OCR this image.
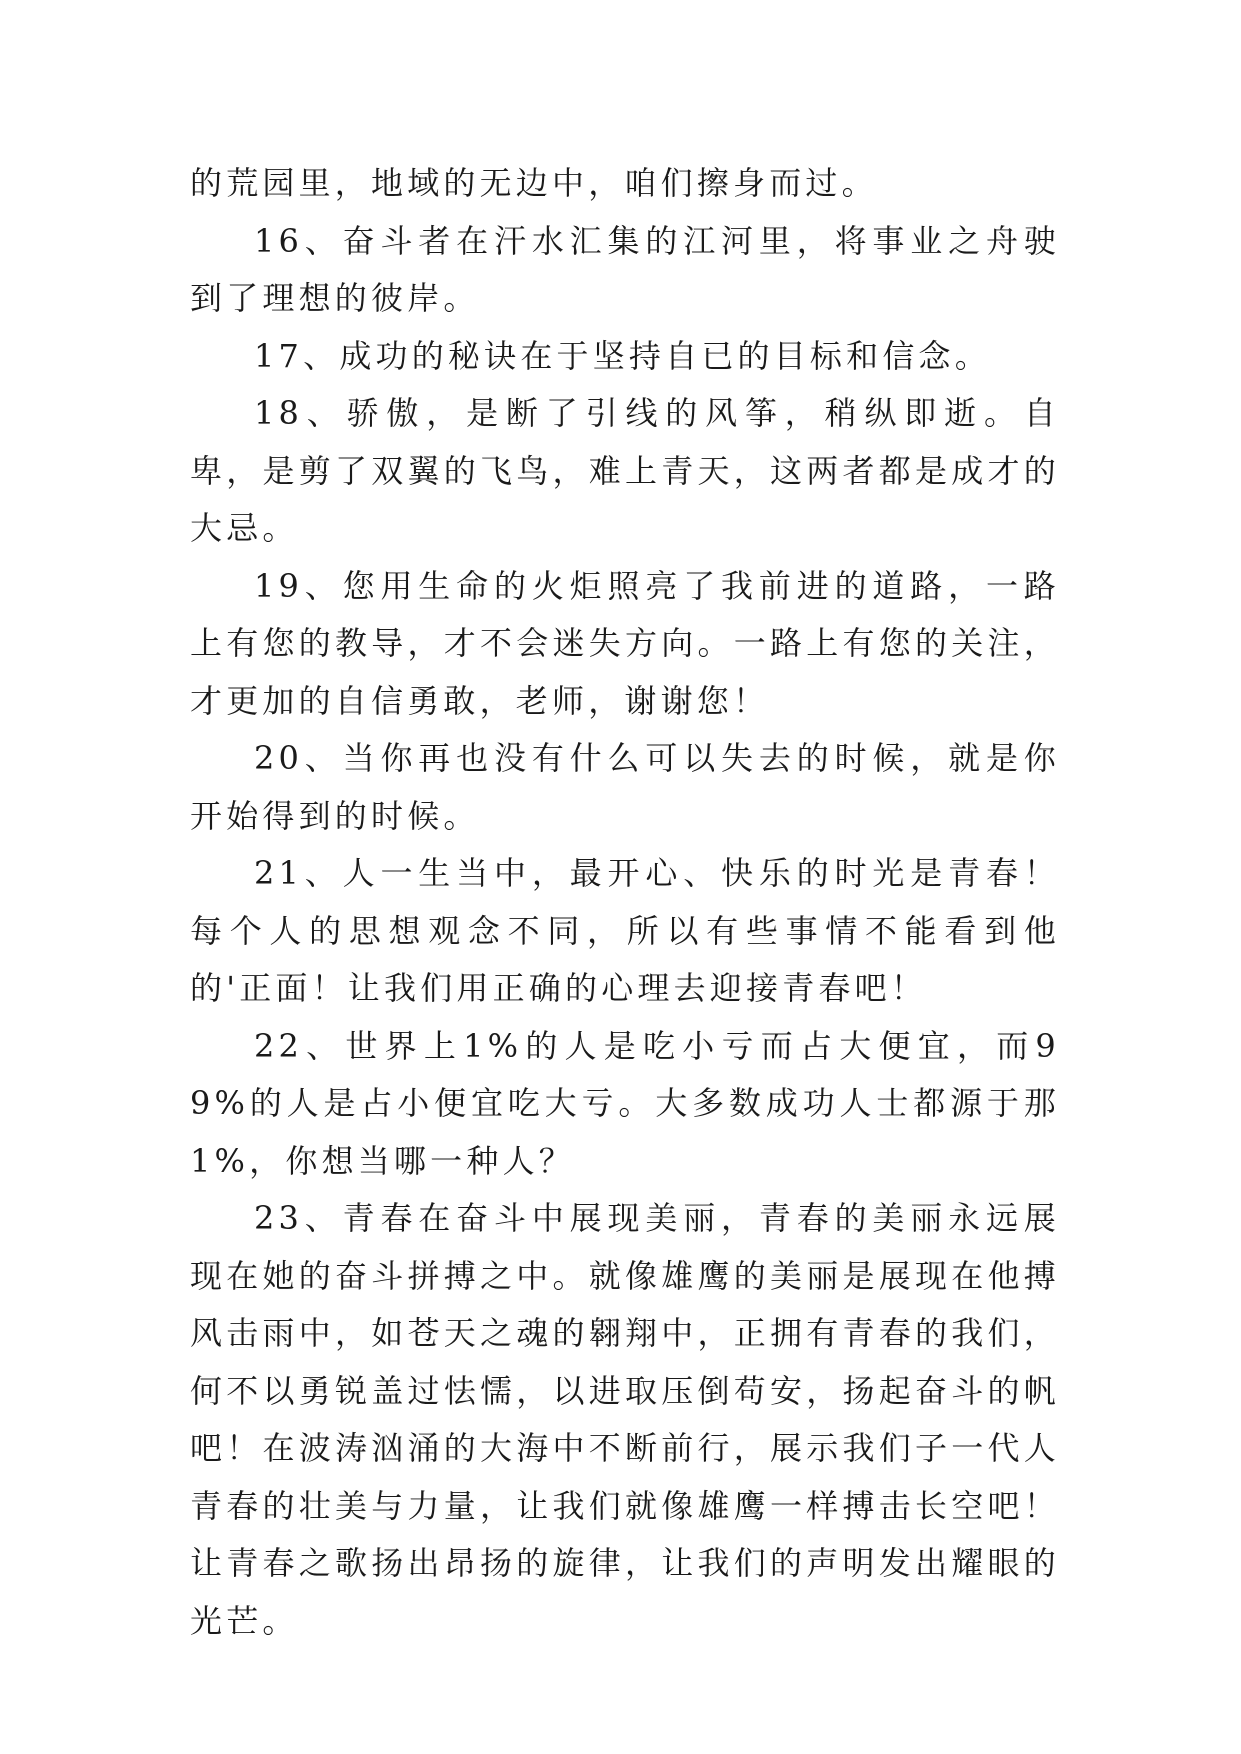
的荒园里，地域的无边中，咱们擦身而过。

16、奋斗者在汗水汇集的江河里，将事业之舟驶到了理想的彼岸。

17、成功的秘诀在于坚持自已的目标和信念。

18、骄傲，是断了引线的风筝，稍纵即逝。自卑，是剪了双翼的飞鸟，难上青天，这两者都是成才的大忌。

19、您用生命的火炬照亮了我前进的道路，一路上有您的教导，才不会迷失方向。一路上有您的关注，才更加的自信勇敢，老师，谢谢您！

20、当你再也没有什么可以失去的时候，就是你开始得到的时候。

21、人一生当中，最开心、快乐的时光是青春！每个人的思想观念不同，所以有些事情不能看到他的'正面！让我们用正确的心理去迎接青春吧！

22、世界上1%的人是吃小亏而占大便宜，而99%的人是占小便宜吃大亏。大多数成功人士都源于那1%，你想当哪一种人？

23、青春在奋斗中展现美丽，青春的美丽永远展现在她的奋斗拼搏之中。就像雄鹰的美丽是展现在他搏风击雨中，如苍天之魂的翱翔中，正拥有青春的我们，何不以勇锐盖过怯懦，以进取压倒苟安，扬起奋斗的帆吧！在波涛汹涌的大海中不断前行，展示我们子一代人青春的壮美与力量，让我们就像雄鹰一样搏击长空吧！让青春之歌扬出昂扬的旋律，让我们的声明发出耀眼的光芒。
